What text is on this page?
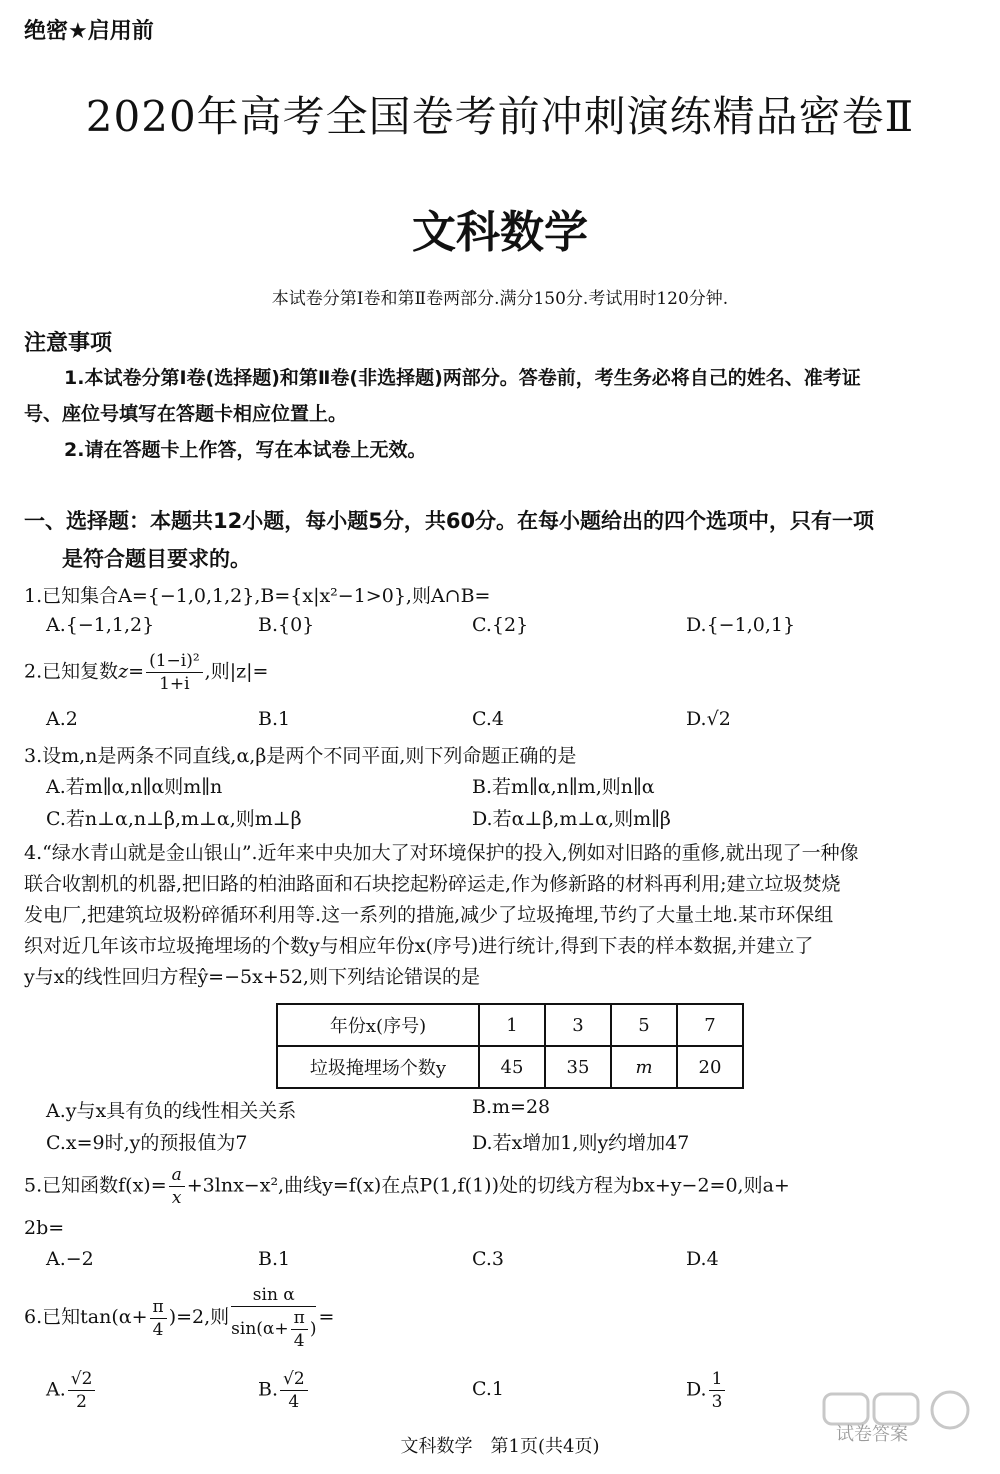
绝密★启用前
2020年高考全国卷考前冲刺演练精品密卷Ⅱ
文科数学
本试卷分第Ⅰ卷和第Ⅱ卷两部分.满分150分.考试用时120分钟.
注意事项
1.本试卷分第Ⅰ卷(选择题)和第Ⅱ卷(非选择题)两部分。答卷前，考生务必将自己的姓名、准考证
号、座位号填写在答题卡相应位置上。
2.请在答题卡上作答，写在本试卷上无效。
一、选择题：本题共12小题，每小题5分，共60分。在每小题给出的四个选项中，只有一项
是符合题目要求的。
1.已知集合A={−1,0,1,2},B={x|x²−1>0},则A∩B=
A.{−1,1,2}	B.{0}	C.{2}	D.{−1,0,1}
2.已知复数$z= \frac{\text{(1−i)²}}{1+i}$ ,则|z|=
A.2	B.1	C.4	D.√2
3.设m,n是两条不同直线,α,β是两个不同平面,则下列命题正确的是
A.若m∥α,n∥α则m∥n	B.若m∥α,n∥m,则n∥α
C.若n⊥α,n⊥β,m⊥α,则m⊥β	D.若α⊥β,m⊥α,则m∥β
4.“绿水青山就是金山银山”.近年来中央加大了对环境保护的投入,例如对旧路的重修,就出现了一种像
联合收割机的机器,把旧路的柏油路面和石块挖起粉碎运走,作为修新路的材料再利用;建立垃圾焚烧
发电厂,把建筑垃圾粉碎循环利用等.这一系列的措施,减少了垃圾掩埋,节约了大量土地.某市环保组
织对近几年该市垃圾掩埋场的个数y与相应年份x(序号)进行统计,得到下表的样本数据,并建立了
y与x的线性回归方程ŷ=−5x+52,则下列结论错误的是
年份x(序号)	1	3	5	7
垃圾掩埋场个数y	45	35	m	20
A.y与x具有负的线性相关关系	B.m=28
C.x=9时,y的预报值为7	D.若x增加1,则y约增加47
5.已知函数$f(x)= \frac{a}{x} +3\ln x-x^2$,曲线y=f(x)在点P(1,f(1))处的切线方程为bx+y−2=0,则a+
2b=
A.−2	B.1	C.3	D.4
6.已知$\tan(\alpha+ \frac{\pi}{4} )=2$,则 $\frac{\text{sin α}}{\sin(\alpha+ \frac{\pi}{4} )}$ =
A. $\frac{√2}{2}$	B. $\frac{√2}{4}$	C.1	D. $\frac{1}{3}$
文科数学　第1页(共4页)
试卷答案
